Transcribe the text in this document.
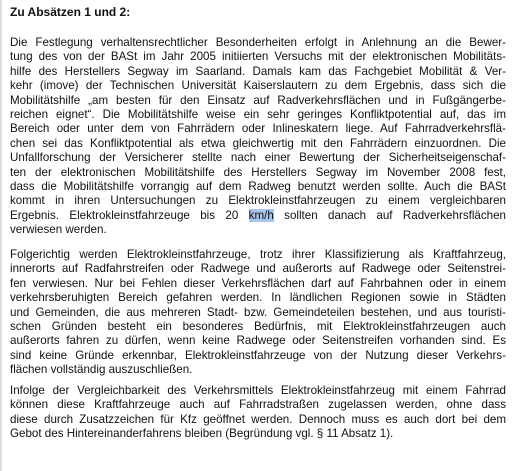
Zu Absätzen 1 und 2:

Die Festlegung verhaltensrechtlicher Besonderheiten erfolgt in Anlehnung an die Bewer-
tung des von der BASt im Jahr 2005 initiierten Versuchs mit der elektronischen Mobilitäts-
hilfe des Herstellers Segway im Saarland. Damals kam das Fachgebiet Mobilität & Ver-
kehr (imove) der Technischen Universität Kaiserslautern zu dem Ergebnis, dass sich die
Mobilitätshilfe „am besten für den Einsatz auf Radverkehrsflächen und in Fußgängerbe-
reichen eignet“. Die Mobilitätshilfe weise ein sehr geringes Konfliktpotential auf, das im
Bereich oder unter dem von Fahrrädern oder Inlineskatern liege. Auf Fahrradverkehrsflä-
chen sei das Konfliktpotential als etwa gleichwertig mit den Fahrrädern einzuordnen. Die
Unfallforschung der Versicherer stellte nach einer Bewertung der Sicherheitseigenschaf-
ten der elektronischen Mobilitätshilfe des Herstellers Segway im November 2008 fest,
dass die Mobilitätshilfe vorrangig auf dem Radweg benutzt werden sollte. Auch die BASt
kommt in ihren Untersuchungen zu Elektrokleinstfahrzeugen zu einem vergleichbaren
Ergebnis. Elektrokleinstfahrzeuge bis 20 km/h sollten danach auf Radverkehrsflächen
verwiesen werden.
Folgerichtig werden Elektrokleinstfahrzeuge, trotz ihrer Klassifizierung als Kraftfahrzeug,
innerorts auf Radfahrstreifen oder Radwege und außerorts auf Radwege oder Seitenstrei-
fen verwiesen. Nur bei Fehlen dieser Verkehrsflächen darf auf Fahrbahnen oder in einem
verkehrsberuhigten Bereich gefahren werden. In ländlichen Regionen sowie in Städten
und Gemeinden, die aus mehreren Stadt- bzw. Gemeindeteilen bestehen, und aus touristi-
schen Gründen besteht ein besonderes Bedürfnis, mit Elektrokleinstfahrzeugen auch
außerorts fahren zu dürfen, wenn keine Radwege oder Seitenstreifen vorhanden sind. Es
sind keine Gründe erkennbar, Elektrokleinstfahrzeuge von der Nutzung dieser Verkehrs-
flächen vollständig auszuschließen.
Infolge der Vergleichbarkeit des Verkehrsmittels Elektrokleinstfahrzeug mit einem Fahrrad
können diese Kraftfahrzeuge auch auf Fahrradstraßen zugelassen werden, ohne dass
diese durch Zusatzzeichen für Kfz geöffnet werden. Dennoch muss es auch dort bei dem
Gebot des Hintereinanderfahrens bleiben (Begründung vgl. § 11 Absatz 1).
